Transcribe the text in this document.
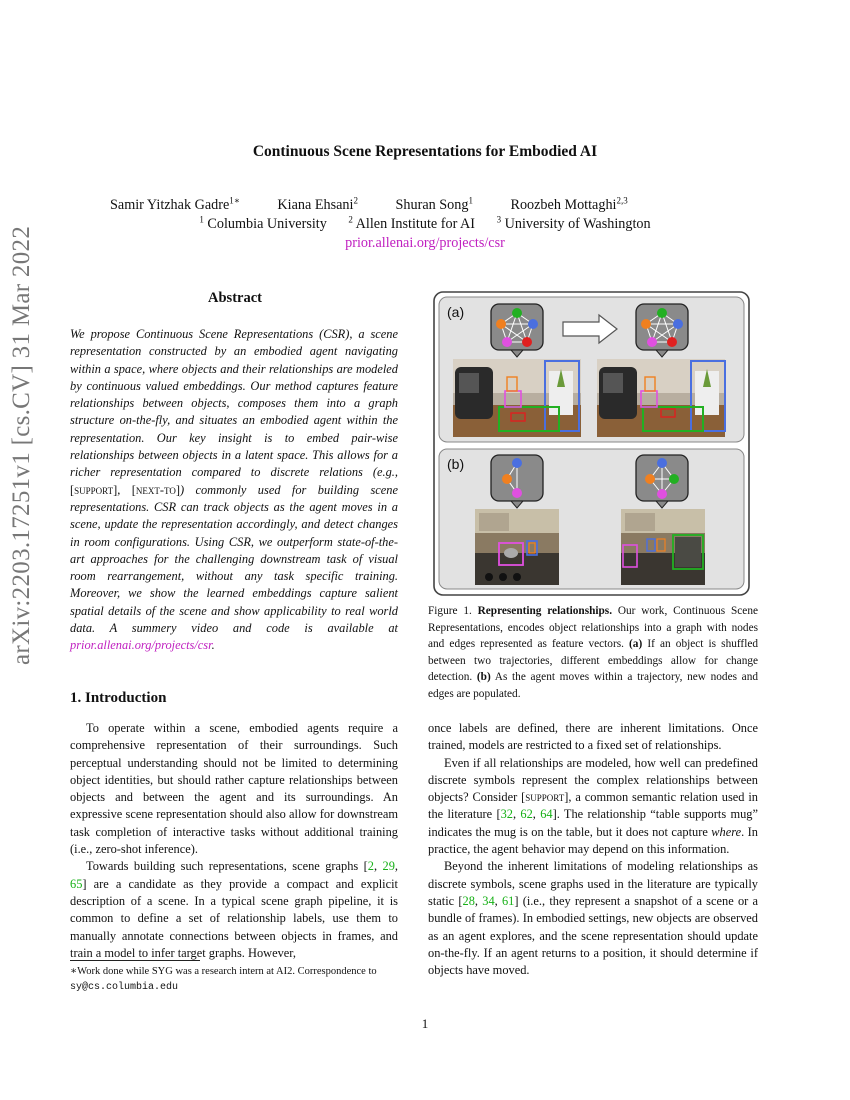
Continuous Scene Representations for Embodied AI
Samir Yitzhak Gadre$^{1∗}$	Kiana Ehsani$^2$	Shuran Song$^1$	Roozbeh Mottaghi$^{2,3}$
$^1$ Columbia University $^2$ Allen Institute for AI $^3$ University of Washington
prior.allenai.org/projects/csr
arXiv:2203.17251v1 [cs.CV] 31 Mar 2022	Abstract
We propose Continuous Scene Representations (CSR), a scene representation constructed by an embodied agent navigating within a space, where objects and their relationships are modeled by continuous valued embeddings. Our method captures feature relationships between objects, composes them into a graph structure on-the-fly, and situates an embodied agent within the representation. Our key insight is to embed pair-wise relationships between objects in a latent space. This allows for a richer representation compared to discrete relations (e.g., [support], [next-to]) commonly used for building scene representations. CSR can track objects as the agent moves in a scene, update the representation accordingly, and detect changes in room configurations. Using CSR, we outperform state-of-the-art approaches for the challenging downstream task of visual room rearrangement, without any task specific training. Moreover, we show the learned embeddings capture salient spatial details of the scene and show applicability to real world data. A summery video and code is available at prior.allenai.org/projects/csr.
1. Introduction

To operate within a scene, embodied agents require a comprehensive representation of their surroundings. Such perceptual understanding should not be limited to determining object identities, but should rather capture relationships between objects and between the agent and its surroundings. An expressive scene representation should also allow for downstream task completion of interactive tasks without additional training (i.e., zero-shot inference).

Towards building such representations, scene graphs [2, 29, 65] are a candidate as they provide a compact and explicit description of a scene. In a typical scene graph pipeline, it is common to define a set of relationship labels, use them to manually annotate connections between objects in frames, and train a model to infer target graphs. However,

once labels are defined, there are inherent limitations. Once trained, models are restricted to a fixed set of relationships.

Even if all relationships are modeled, how well can predefined discrete symbols represent the complex relationships between objects? Consider [support], a common semantic relation used in the literature [32, 62, 64]. The relationship “table supports mug” indicates the mug is on the table, but it does not capture where. In practice, the agent behavior may depend on this information.

Beyond the inherent limitations of modeling relationships as discrete symbols, scene graphs used in the literature are typically static [28, 34, 61] (i.e., they represent a snapshot of a scene or a bundle of frames). In embodied settings, new objects are observed as an agent explores, and the scene representation should update on-the-fly. If an agent returns to a position, it should determine if objects have moved.

∗Work done while SYG was a research intern at AI2. Correspondence to sy@cs.columbia.edu
1
(a)
(b)
Figure 1. Representing relationships. Our work, Continuous Scene Representations, encodes object relationships into a graph with nodes and edges represented as feature vectors. (a) If an object is shuffled between two trajectories, different embeddings allow for change detection. (b) As the agent moves within a trajectory, new nodes and edges are populated.
